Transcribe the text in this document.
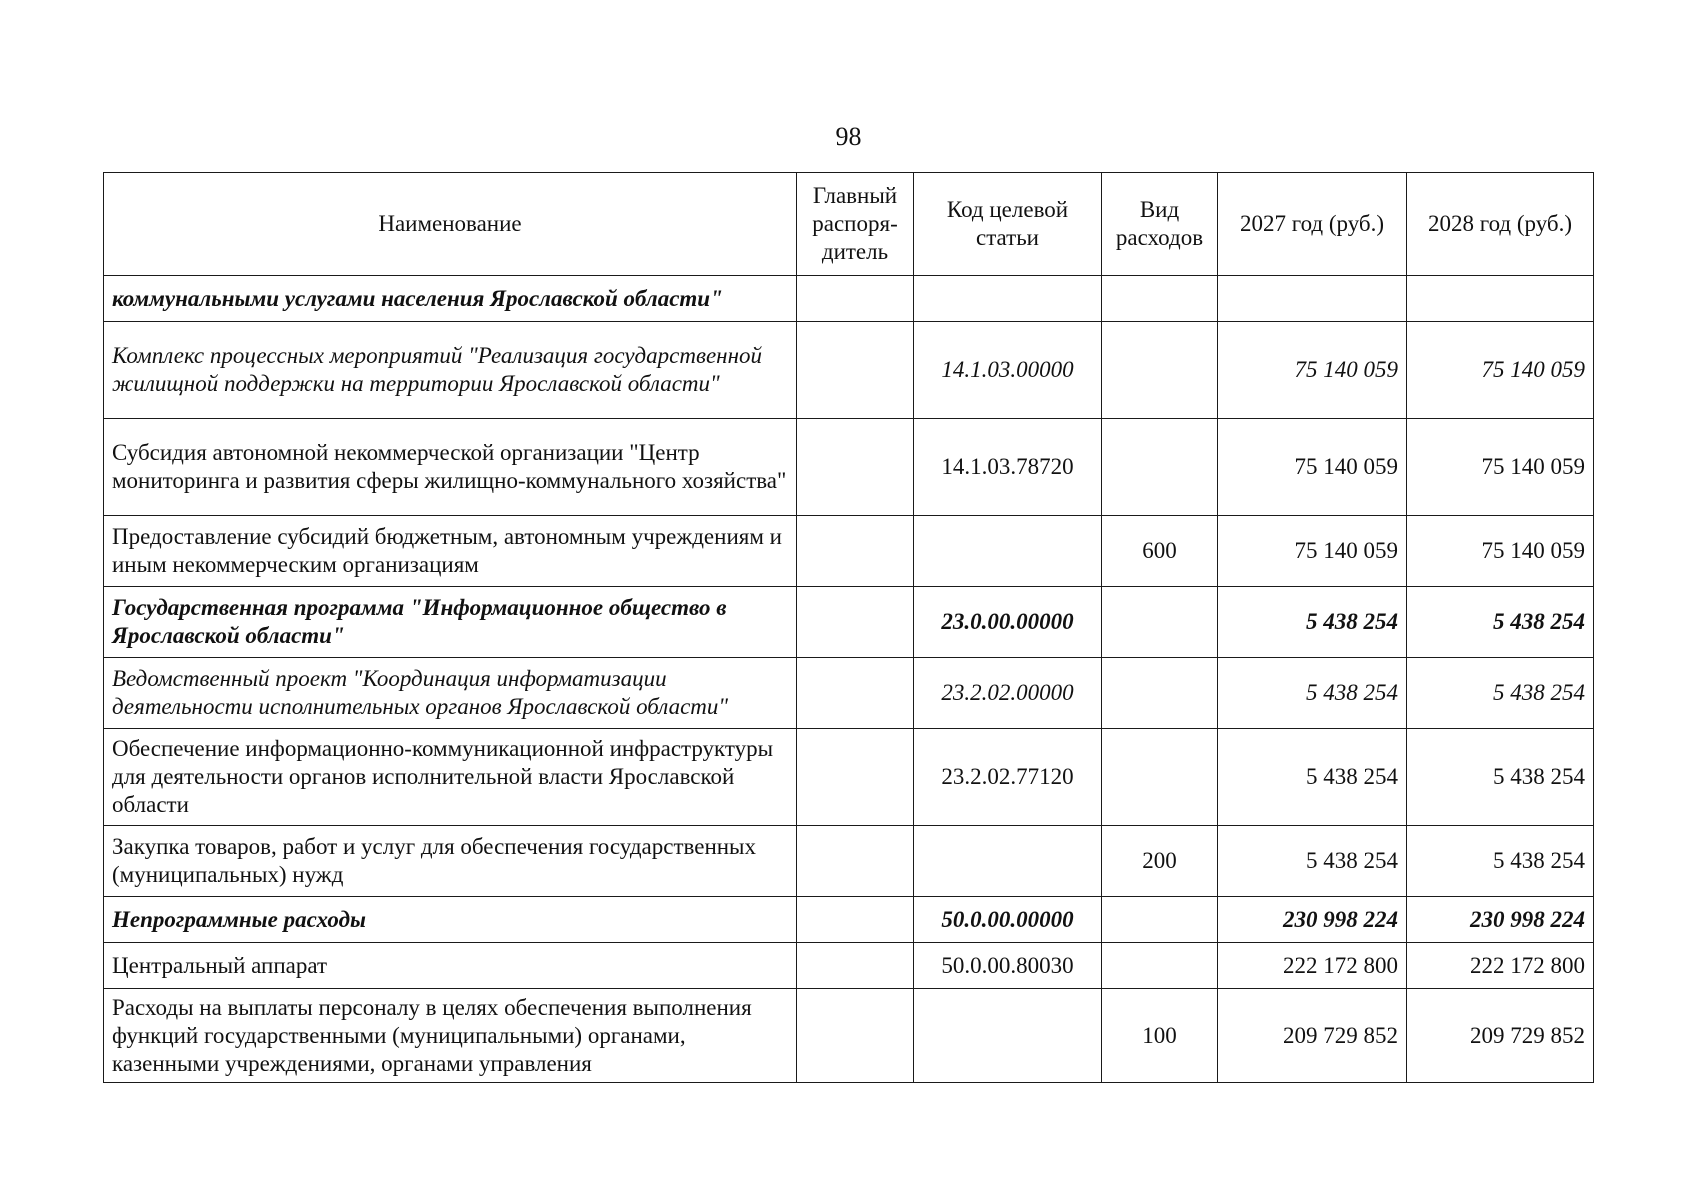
98
Наименование	Главный распоря-дитель	Код целевой статьи	Вид расходов	2027 год (руб.)	2028 год (руб.)
коммунальными услугами населения Ярославской области"					
Комплекс процессных мероприятий "Реализация государственной жилищной поддержки на территории Ярославской области"		14.1.03.00000		75 140 059	75 140 059
Субсидия автономной некоммерческой организации "Центр мониторинга и развития сферы жилищно-коммунального хозяйства"		14.1.03.78720		75 140 059	75 140 059
Предоставление субсидий бюджетным, автономным учреждениям и иным некоммерческим организациям			600	75 140 059	75 140 059
Государственная программа "Информационное общество в Ярославской области"		23.0.00.00000		5 438 254	5 438 254
Ведомственный проект "Координация информатизации деятельности исполнительных органов Ярославской области"		23.2.02.00000		5 438 254	5 438 254
Обеспечение информационно-коммуникационной инфраструктуры для деятельности органов исполнительной власти Ярославской области		23.2.02.77120		5 438 254	5 438 254
Закупка товаров, работ и услуг для обеспечения государственных (муниципальных) нужд			200	5 438 254	5 438 254
Непрограммные расходы		50.0.00.00000		230 998 224	230 998 224
Центральный аппарат		50.0.00.80030		222 172 800	222 172 800
Расходы на выплаты персоналу в целях обеспечения выполнения функций государственными (муниципальными) органами, казенными учреждениями, органами управления			100	209 729 852	209 729 852
